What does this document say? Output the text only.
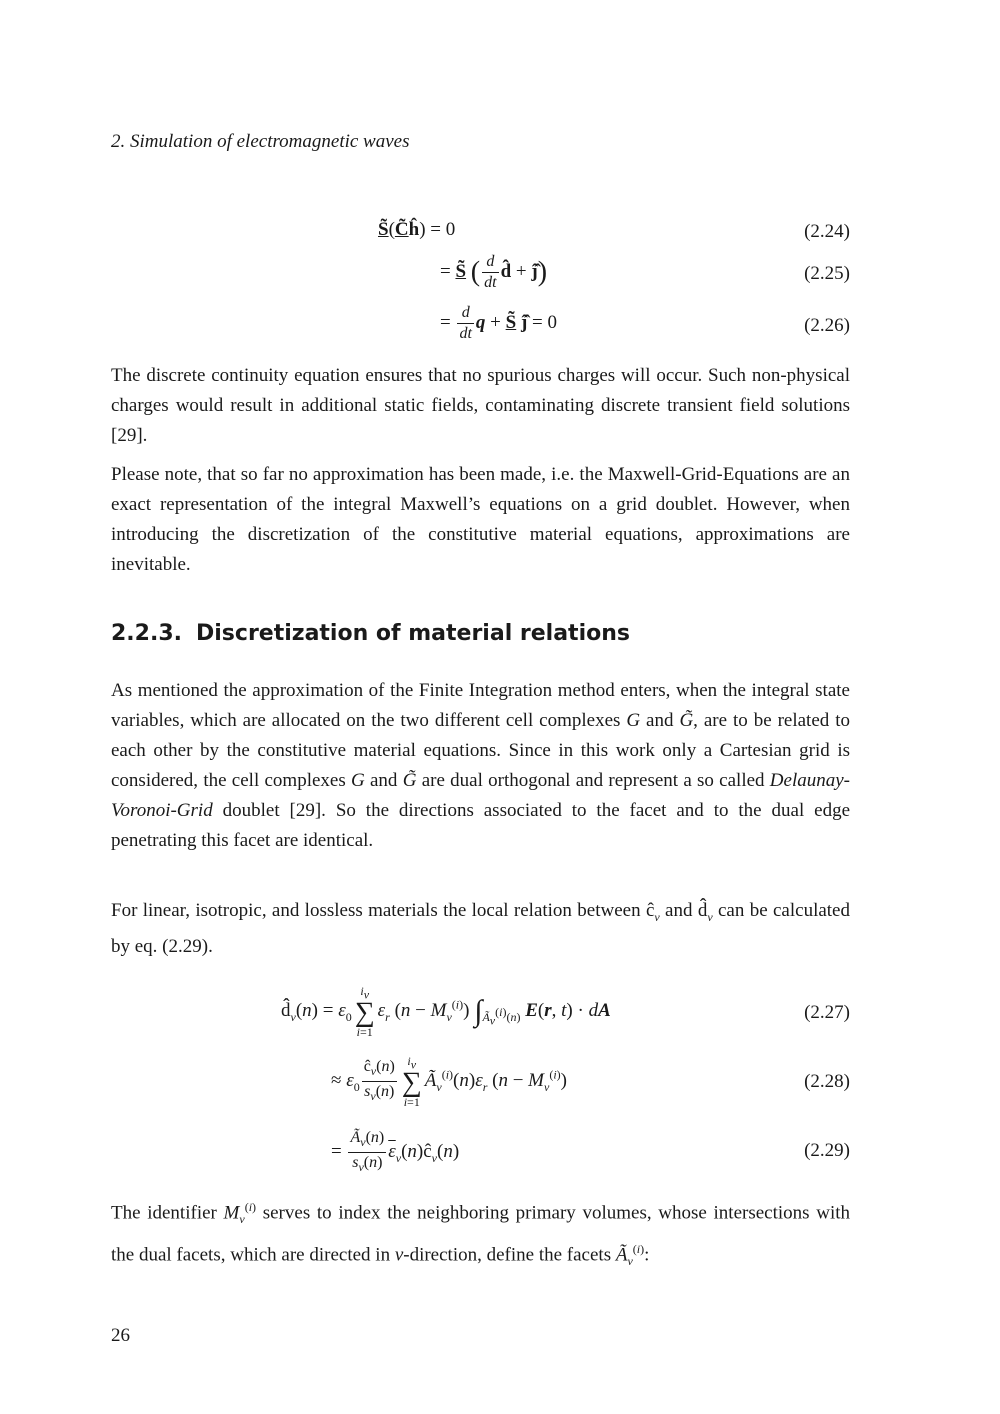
2. Simulation of electromagnetic waves
S̃(C̃ĥ) = 0	(2.24)
= S̃ ( $\frac{d}{dt}$ d̂̂ + ĵ̂)	(2.25)
= $\frac{d}{dt}$ q + S̃ ĵ̂ = 0	(2.26)
The discrete continuity equation ensures that no spurious charges will occur. Such non-physical charges would result in additional static fields, contaminating discrete transient field solutions [29].
Please note, that so far no approximation has been made, i.e. the Maxwell-Grid-Equations are an exact representation of the integral Maxwell’s equations on a grid doublet. However, when introducing the discretization of the constitutive material equations, approximations are inevitable.
2.2.3. Discretization of material relations
As mentioned the approximation of the Finite Integration method enters, when the integral state variables, which are allocated on the two different cell complexes G and G̃, are to be related to each other by the constitutive material equations. Since in this work only a Cartesian grid is considered, the cell complexes G and G̃ are dual orthogonal and represent a so called Delaunay-Voronoi-Grid doublet [29]. So the directions associated to the facet and to the dual edge penetrating this facet are identical.
For linear, isotropic, and lossless materials the local relation between $ĉ_\nu$ and $d̂̂_\nu$ can be calculated by eq. (2.29).
$d̂̂_\nu(n) = \varepsilon_0i_\nu$
∑
$i=1\varepsilon_r$ $(n - M_\nu^{(i)})$ $\int_{Ã_\nu^{(i)}(n)}$ E(r, t) · dA	(2.27)
≈ $\varepsilon_0 \frac{ĉ_\nu(n)}{s_\nu(n)} i_\nu$
∑
$i=1Ã_\nu^{(i)}(n)\varepsilon_r$ $(n - M_\nu^{(i)})$	(2.28)
= $\frac{Ã_\nu(n)}{s_\nu(n)}$ $\overline{\varepsilon}_\nu(n)ĉ_\nu(n)$	(2.29)
The identifier $M_\nu^{(i)}$ serves to index the neighboring primary volumes, whose intersections with the dual facets, which are directed in ν-direction, define the facets $Ã_\nu^{(i)}$:
26
